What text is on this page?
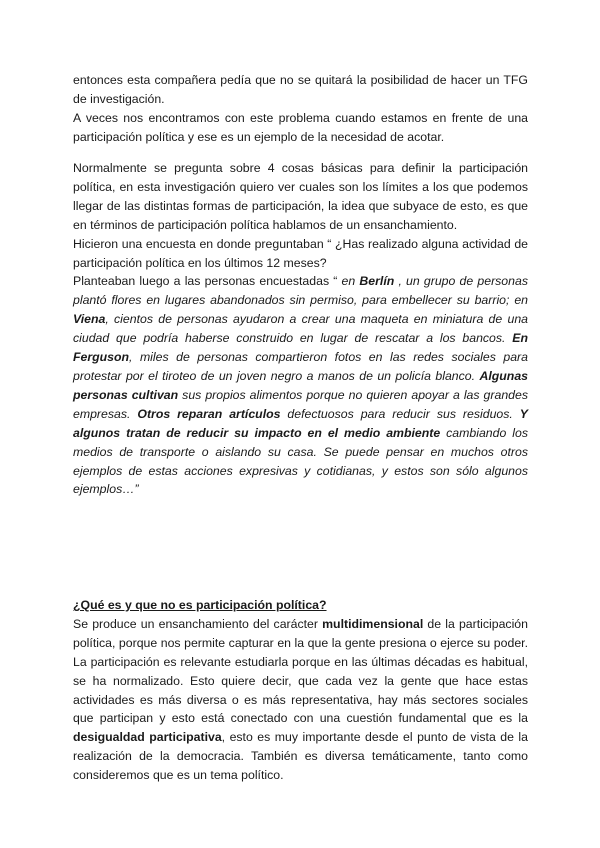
entonces esta compañera pedía que no se quitará la posibilidad de hacer un TFG de investigación.

A veces nos encontramos con este problema cuando estamos en frente de una participación política y ese es un ejemplo de la necesidad de acotar.

Normalmente se pregunta sobre 4 cosas básicas para definir la participación política, en esta investigación quiero ver cuales son los límites a los que podemos llegar de las distintas formas de participación, la idea que subyace de esto, es que en términos de participación política hablamos de un ensanchamiento.

Hicieron una encuesta en donde preguntaban “ ¿Has realizado alguna actividad de participación política en los últimos 12 meses?

Planteaban luego a las personas encuestadas “ en Berlín , un grupo de personas plantó flores en lugares abandonados sin permiso, para embellecer su barrio; en Viena, cientos de personas ayudaron a crear una maqueta en miniatura de una ciudad que podría haberse construido en lugar de rescatar a los bancos. En Ferguson, miles de personas compartieron fotos en las redes sociales para protestar por el tiroteo de un joven negro a manos de un policía blanco. Algunas personas cultivan sus propios alimentos porque no quieren apoyar a las grandes empresas. Otros reparan artículos defectuosos para reducir sus residuos. Y algunos tratan de reducir su impacto en el medio ambiente cambiando los medios de transporte o aislando su casa. Se puede pensar en muchos otros ejemplos de estas acciones expresivas y cotidianas, y estos son sólo algunos ejemplos…”

¿Qué es y que no es participación política?

Se produce un ensanchamiento del carácter multidimensional de la participación política, porque nos permite capturar en la que la gente presiona o ejerce su poder. La participación es relevante estudiarla porque en las últimas décadas es habitual, se ha normalizado. Esto quiere decir, que cada vez la gente que hace estas actividades es más diversa o es más representativa, hay más sectores sociales que participan y esto está conectado con una cuestión fundamental que es la desigualdad participativa, esto es muy importante desde el punto de vista de la realización de la democracia. También es diversa temáticamente, tanto como consideremos que es un tema político.
